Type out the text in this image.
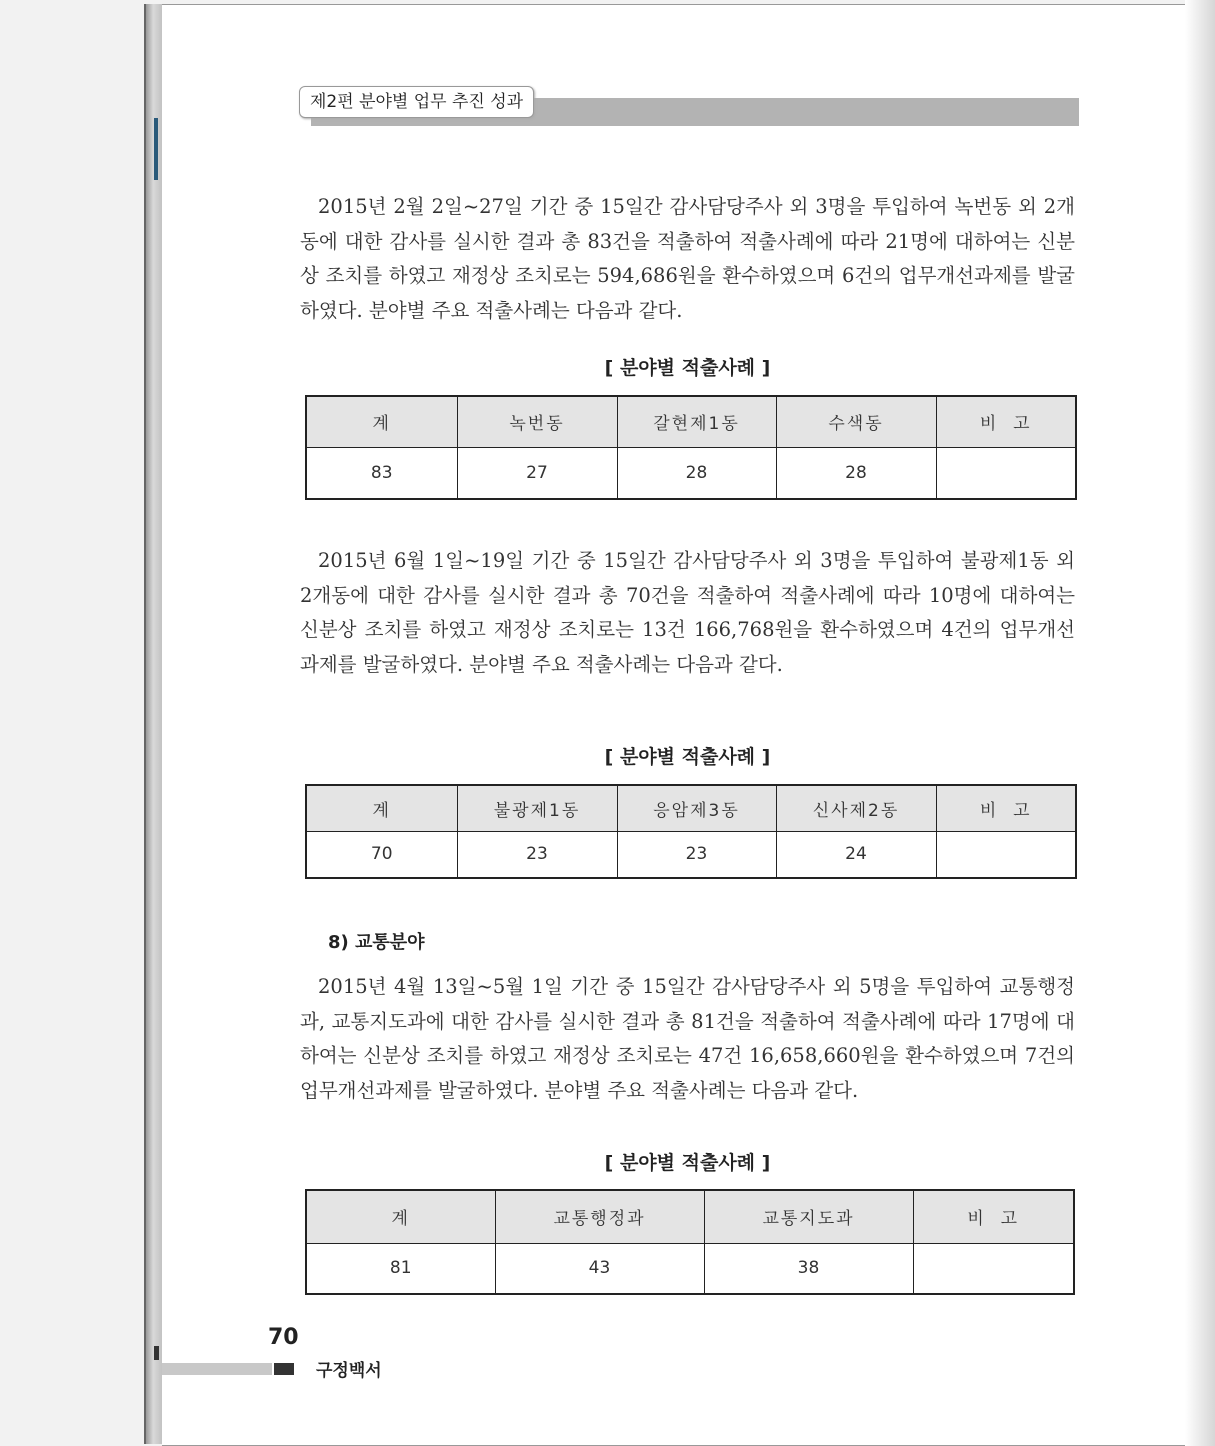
제2편 분야별 업무 추진 성과

2015년 2월 2일~27일 기간 중 15일간 감사담당주사 외 3명을 투입하여 녹번동 외 2개동에 대한 감사를 실시한 결과 총 83건을 적출하여 적출사례에 따라 21명에 대하여는 신분상 조치를 하였고 재정상 조치로는 594,686원을 환수하였으며 6건의 업무개선과제를 발굴하였다. 분야별 주요 적출사례는 다음과 같다.

[ 분야별 적출사례 ]
계	녹번동	갈현제1동	수색동	비  고
83	27	28	28	

2015년 6월 1일~19일 기간 중 15일간 감사담당주사 외 3명을 투입하여 불광제1동 외 2개동에 대한 감사를 실시한 결과 총 70건을 적출하여 적출사례에 따라 10명에 대하여는 신분상 조치를 하였고 재정상 조치로는 13건 166,768원을 환수하였으며 4건의 업무개선과제를 발굴하였다. 분야별 주요 적출사례는 다음과 같다.

[ 분야별 적출사례 ]
계	불광제1동	응암제3동	신사제2동	비  고
70	23	23	24	
8) 교통분야

2015년 4월 13일~5월 1일 기간 중 15일간 감사담당주사 외 5명을 투입하여 교통행정과, 교통지도과에 대한 감사를 실시한 결과 총 81건을 적출하여 적출사례에 따라 17명에 대하여는 신분상 조치를 하였고 재정상 조치로는 47건 16,658,660원을 환수하였으며 7건의 업무개선과제를 발굴하였다. 분야별 주요 적출사례는 다음과 같다.

[ 분야별 적출사례 ]
계	교통행정과	교통지도과	비  고
81	43	38	
70
구정백서
